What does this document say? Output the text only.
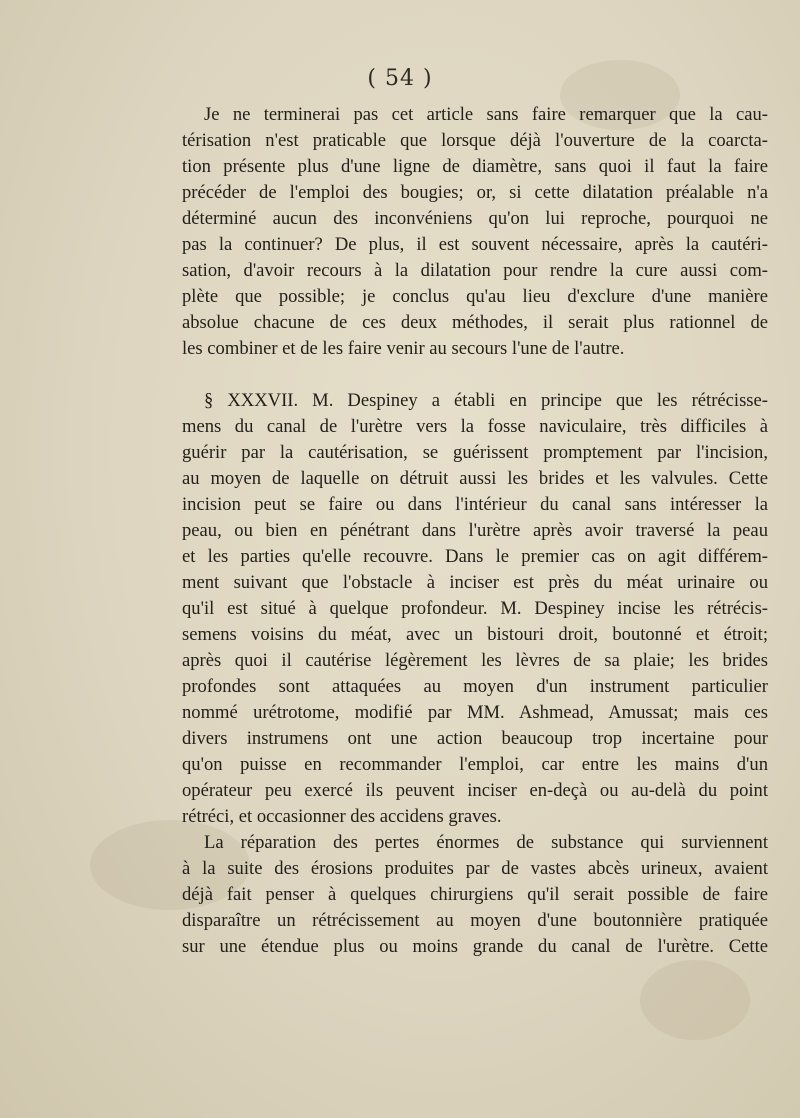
( 54 )
Je ne terminerai pas cet article sans faire remarquer que la cau-
térisation n'est praticable que lorsque déjà l'ouverture de la coarcta-
tion présente plus d'une ligne de diamètre, sans quoi il faut la faire
précéder de l'emploi des bougies; or, si cette dilatation préalable n'a
déterminé aucun des inconvéniens qu'on lui reproche, pourquoi ne
pas la continuer? De plus, il est souvent nécessaire, après la cautéri-
sation, d'avoir recours à la dilatation pour rendre la cure aussi com-
plète que possible; je conclus qu'au lieu d'exclure d'une manière
absolue chacune de ces deux méthodes, il serait plus rationnel de
les combiner et de les faire venir au secours l'une de l'autre.
§ XXXVII. M. Despiney a établi en principe que les rétrécisse-
mens du canal de l'urètre vers la fosse naviculaire, très difficiles à
guérir par la cautérisation, se guérissent promptement par l'incision,
au moyen de laquelle on détruit aussi les brides et les valvules. Cette
incision peut se faire ou dans l'intérieur du canal sans intéresser la
peau, ou bien en pénétrant dans l'urètre après avoir traversé la peau
et les parties qu'elle recouvre. Dans le premier cas on agit différem-
ment suivant que l'obstacle à inciser est près du méat urinaire ou
qu'il est situé à quelque profondeur. M. Despiney incise les rétrécis-
semens voisins du méat, avec un bistouri droit, boutonné et étroit;
après quoi il cautérise légèrement les lèvres de sa plaie; les brides
profondes sont attaquées au moyen d'un instrument particulier
nommé urétrotome, modifié par MM. Ashmead, Amussat; mais ces
divers instrumens ont une action beaucoup trop incertaine pour
qu'on puisse en recommander l'emploi, car entre les mains d'un
opérateur peu exercé ils peuvent inciser en-deçà ou au-delà du point
rétréci, et occasionner des accidens graves.
La réparation des pertes énormes de substance qui surviennent
à la suite des érosions produites par de vastes abcès urineux, avaient
déjà fait penser à quelques chirurgiens qu'il serait possible de faire
disparaître un rétrécissement au moyen d'une boutonnière pratiquée
sur une étendue plus ou moins grande du canal de l'urètre. Cette
